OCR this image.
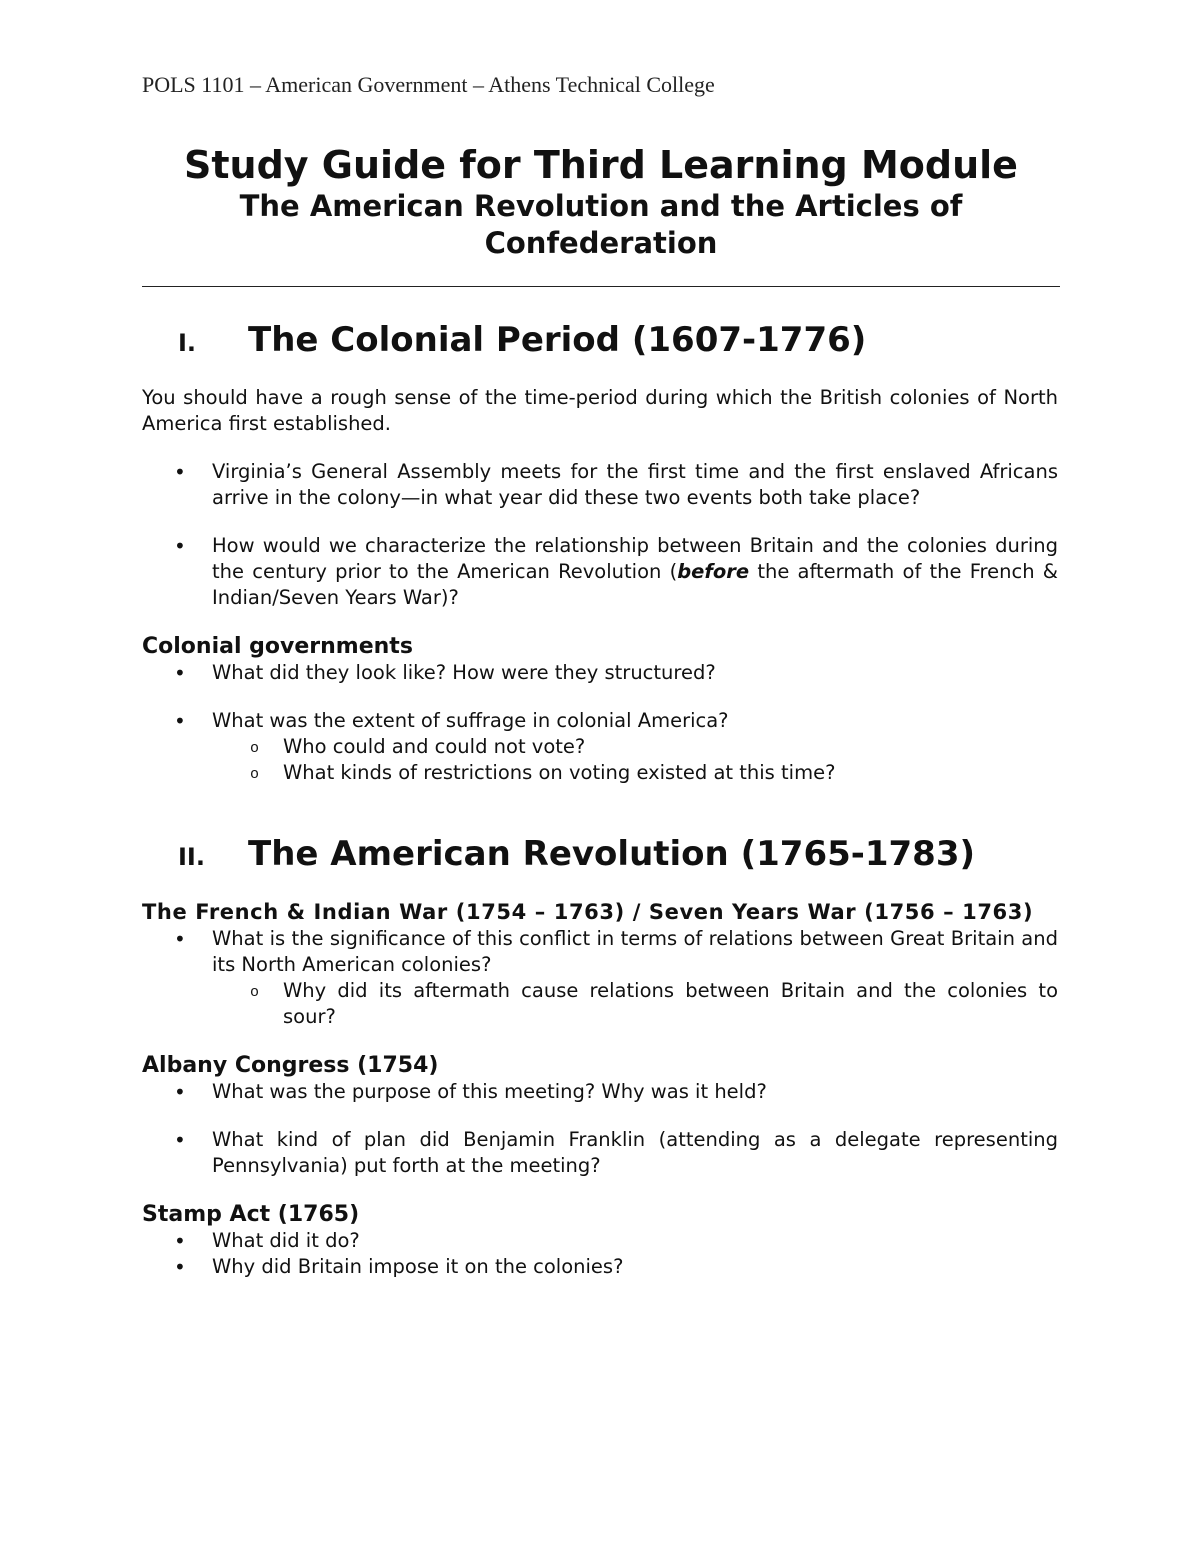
POLS 1101 – American Government – Athens Technical College
Study Guide for Third Learning Module
The American Revolution and the Articles of Confederation
I.	The Colonial Period (1607-1776)

You should have a rough sense of the time-period during which the British colonies of North America first established.

• Virginia’s General Assembly meets for the first time and the first enslaved Africans arrive in the colony—in what year did these two events both take place?
• How would we characterize the relationship between Britain and the colonies during the century prior to the American Revolution (before the aftermath of the French & Indian/Seven Years War)?
Colonial governments
• What did they look like? How were they structured?
• What was the extent of suffrage in colonial America?
o Who could and could not vote?
o What kinds of restrictions on voting existed at this time?
II.	The American Revolution (1765-1783)
The French & Indian War (1754 – 1763) / Seven Years War (1756 – 1763)
• What is the significance of this conflict in terms of relations between Great Britain and its North American colonies?
o Why did its aftermath cause relations between Britain and the colonies to sour?
Albany Congress (1754)
• What was the purpose of this meeting? Why was it held?
• What kind of plan did Benjamin Franklin (attending as a delegate representing Pennsylvania) put forth at the meeting?
Stamp Act (1765)
• What did it do?
• Why did Britain impose it on the colonies?
